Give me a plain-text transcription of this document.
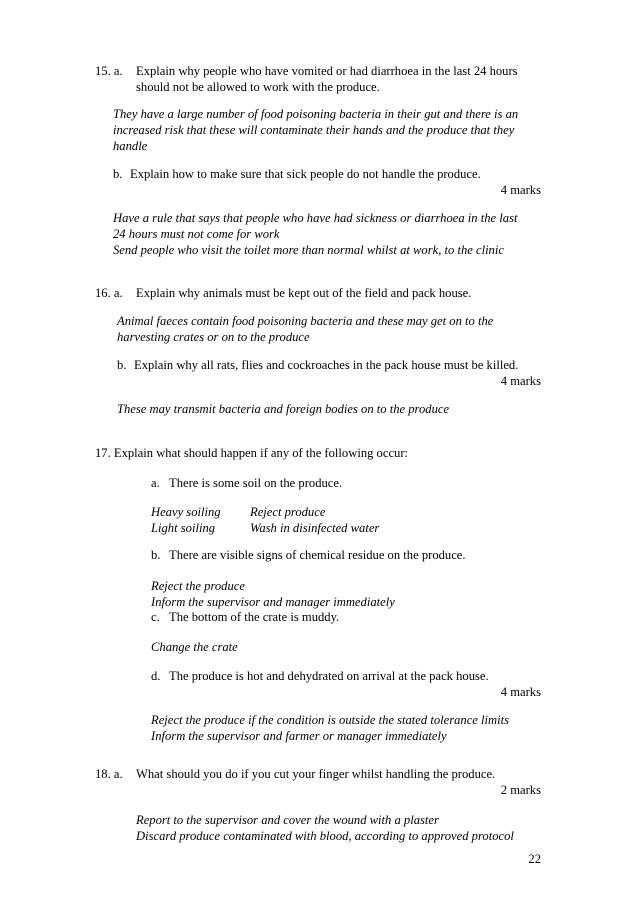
15. a. Explain why people who have vomited or had diarrhoea in the last 24 hours
should not be allowed to work with the produce.
They have a large number of food poisoning bacteria in their gut and there is an
increased risk that these will contaminate their hands and the produce that they
handle
b. Explain how to make sure that sick people do not handle the produce.
4 marks
Have a rule that says that people who have had sickness or diarrhoea in the last
24 hours must not come for work
Send people who visit the toilet more than normal whilst at work, to the clinic
16. a. Explain why animals must be kept out of the field and pack house.
Animal faeces contain food poisoning bacteria and these may get on to the
harvesting crates or on to the produce
b. Explain why all rats, flies and cockroaches in the pack house must be killed.
4 marks
These may transmit bacteria and foreign bodies on to the produce
17. Explain what should happen if any of the following occur:
a. There is some soil on the produce.
Heavy soiling Reject produce
Light soiling	Wash in disinfected water
b. There are visible signs of chemical residue on the produce.
Reject the produce
Inform the supervisor and manager immediately
c. The bottom of the crate is muddy.
Change the crate
d. The produce is hot and dehydrated on arrival at the pack house.
4 marks
Reject the produce if the condition is outside the stated tolerance limits
Inform the supervisor and farmer or manager immediately
18. a. What should you do if you cut your finger whilst handling the produce.
2 marks
Report to the supervisor and cover the wound with a plaster
Discard produce contaminated with blood, according to approved protocol
22
